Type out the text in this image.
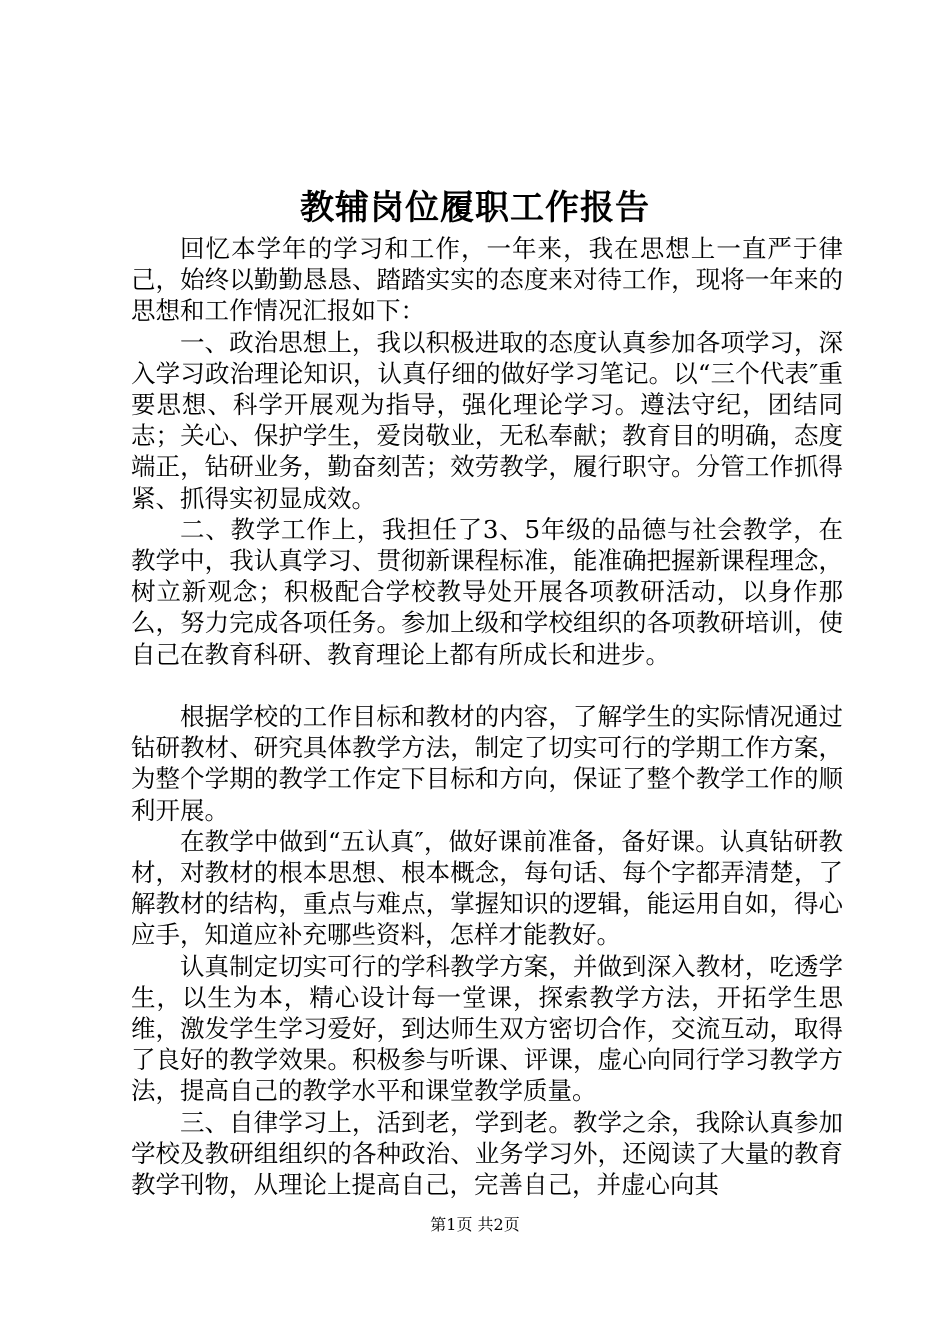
教辅岗位履职工作报告

回忆本学年的学习和工作，一年来，我在思想上一直严于律己，始终以勤勤恳恳、踏踏实实的态度来对待工作，现将一年来的思想和工作情况汇报如下：

一、政治思想上，我以积极进取的态度认真参加各项学习，深入学习政治理论知识，认真仔细的做好学习笔记。以“三个代表″重要思想、科学开展观为指导，强化理论学习。遵法守纪，团结同志；关心、保护学生，爱岗敬业，无私奉献；教育目的明确，态度端正，钻研业务，勤奋刻苦；效劳教学，履行职守。分管工作抓得紧、抓得实初显成效。

二、教学工作上，我担任了3、5年级的品德与社会教学，在教学中，我认真学习、贯彻新课程标准，能准确把握新课程理念，树立新观念；积极配合学校教导处开展各项教研活动，以身作那么，努力完成各项任务。参加上级和学校组织的各项教研培训，使自己在教育科研、教育理论上都有所成长和进步。

根据学校的工作目标和教材的内容，了解学生的实际情况通过钻研教材、研究具体教学方法，制定了切实可行的学期工作方案，为整个学期的教学工作定下目标和方向，保证了整个教学工作的顺利开展。

在教学中做到“五认真″，做好课前准备，备好课。认真钻研教材，对教材的根本思想、根本概念，每句话、每个字都弄清楚，了解教材的结构，重点与难点，掌握知识的逻辑，能运用自如，得心应手，知道应补充哪些资料，怎样才能教好。

认真制定切实可行的学科教学方案，并做到深入教材，吃透学生，以生为本，精心设计每一堂课，探索教学方法，开拓学生思维，激发学生学习爱好，到达师生双方密切合作，交流互动，取得了良好的教学效果。积极参与听课、评课，虚心向同行学习教学方法，提高自己的教学水平和课堂教学质量。

三、自律学习上，活到老，学到老。教学之余，我除认真参加学校及教研组组织的各种政治、业务学习外，还阅读了大量的教育教学刊物，从理论上提高自己，完善自己，并虚心向其

第1页 共2页
